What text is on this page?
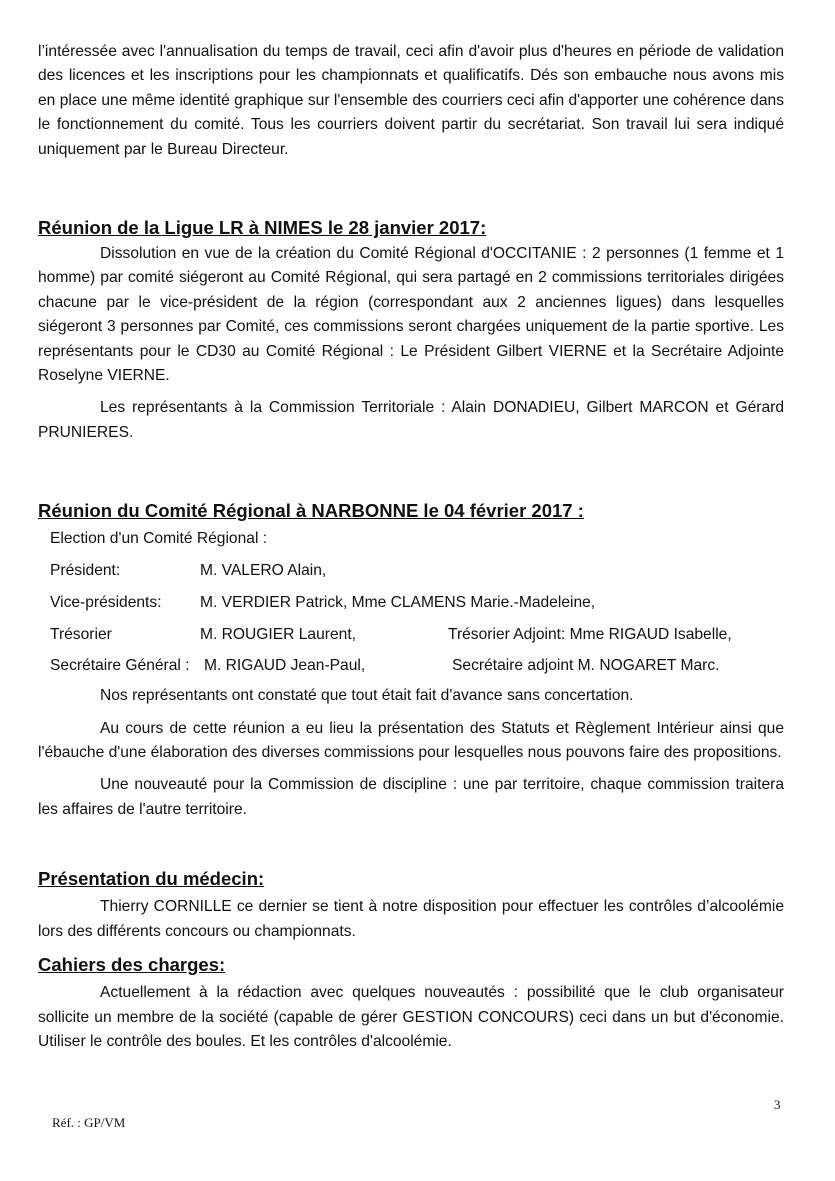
l’intéressée avec l'annualisation du temps de travail, ceci afin d'avoir plus d'heures en période de validation des licences et les inscriptions pour les championnats et qualificatifs. Dés son embauche nous avons mis en place une même identité graphique sur l'ensemble des courriers ceci afin d'apporter une cohérence dans le fonctionnement du comité. Tous les courriers doivent partir du secrétariat. Son travail lui sera indiqué uniquement par le Bureau Directeur.

Réunion de la Ligue LR à NIMES le 28 janvier 2017:

Dissolution en vue de la création du Comité Régional d'OCCITANIE : 2 personnes (1 femme et 1 homme) par comité siégeront au Comité Régional, qui sera partagé en 2 commissions territoriales dirigées chacune par le vice-président de la région (correspondant aux 2 anciennes ligues) dans lesquelles siégeront 3 personnes par Comité, ces commissions seront chargées uniquement de la partie sportive. Les représentants pour le CD30 au Comité Régional : Le Président Gilbert VIERNE et la Secrétaire Adjointe Roselyne VIERNE.

Les représentants à la Commission Territoriale : Alain DONADIEU, Gilbert MARCON et Gérard PRUNIERES.

Réunion du Comité Régional à NARBONNE le 04 février 2017 :
Election d'un Comité Régional :
Président:	M. VALERO Alain,
Vice-présidents:	M. VERDIER Patrick, Mme CLAMENS Marie.-Madeleine,
Trésorier	M. ROUGIER Laurent,	Trésorier Adjoint: Mme RIGAUD Isabelle,
Secrétaire Général : M. RIGAUD Jean-Paul,	Secrétaire adjoint M. NOGARET Marc.

Nos représentants ont constaté que tout était fait d'avance sans concertation.

Au cours de cette réunion a eu lieu la présentation des Statuts et Règlement Intérieur ainsi que l'ébauche d'une élaboration des diverses commissions pour lesquelles nous pouvons faire des propositions.

Une nouveauté pour la Commission de discipline : une par territoire, chaque commission traitera les affaires de l'autre territoire.

Présentation du médecin:

Thierry CORNILLE ce dernier se tient à notre disposition pour effectuer les contrôles d’alcoolémie lors des différents concours ou championnats.

Cahiers des charges:

Actuellement à la rédaction avec quelques nouveautés : possibilité que le club organisateur sollicite un membre de la société (capable de gérer GESTION CONCOURS) ceci dans un but d'économie. Utiliser le contrôle des boules. Et les contrôles d'alcoolémie.

3
Réf. : GP/VM
